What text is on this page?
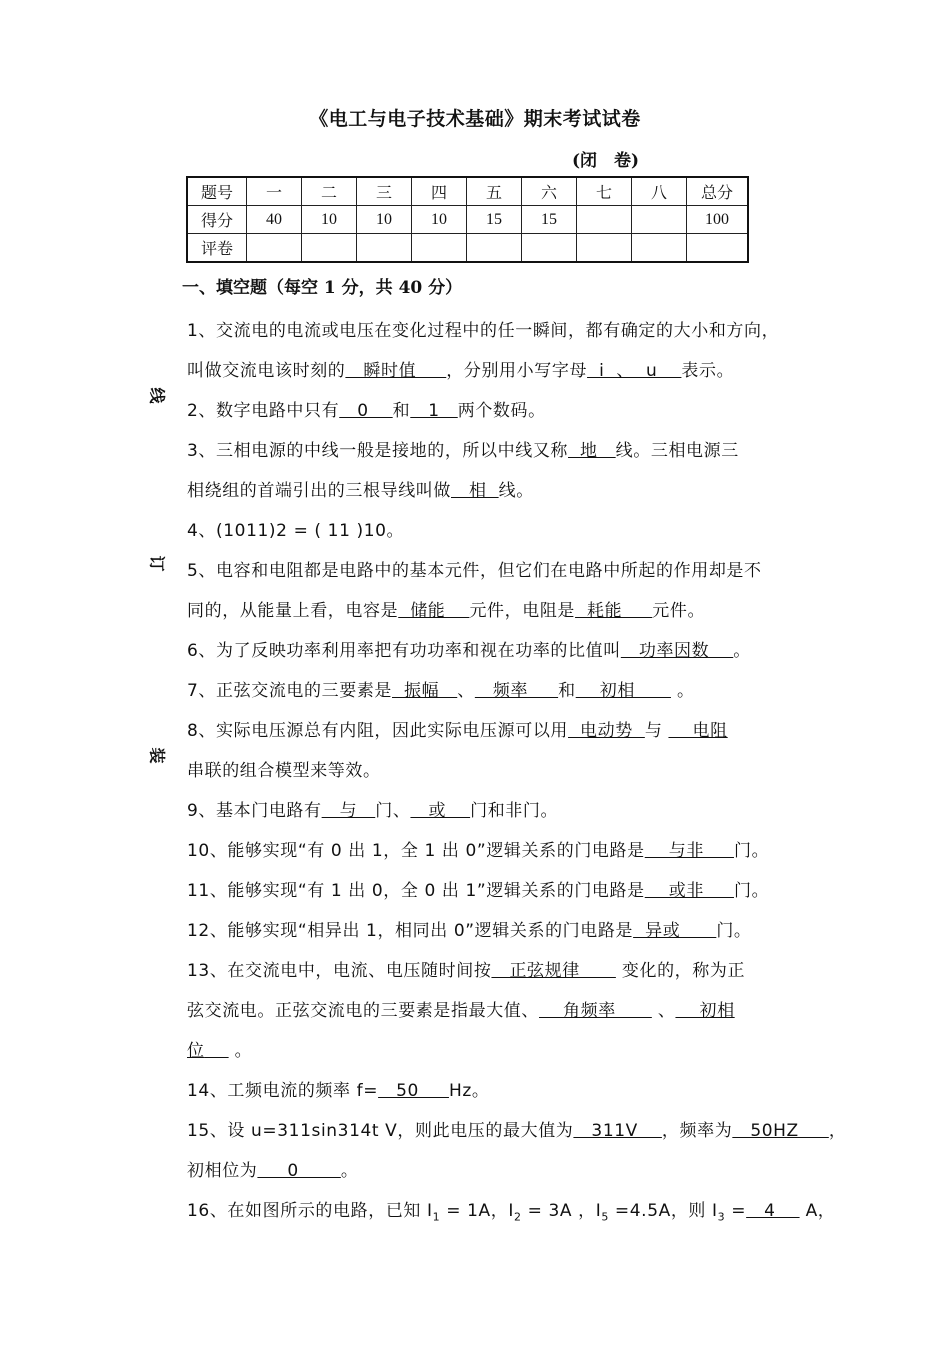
《电工与电子技术基础》期末考试试卷
(闭　卷)
题号	一	二	三	四	五	六	七	八	总分
得分	40	10	10	10	15	15			100
评卷									
一、填空题（每空 1 分，共 40 分）
线
订
装
1、交流电的电流或电压在变化过程中的任一瞬间，都有确定的大小和方向，
叫做交流电该时刻的   瞬时值     ，分别用小写字母  i  、  u    表示。
2、数字电路中只有   0    和   1   两个数码。
3、三相电源的中线一般是接地的，所以中线又称  地   线。三相电源三
相绕组的首端引出的三根导线叫做   相  线。
4、(1011)2 = ( 11 )10。
5、电容和电阻都是电路中的基本元件，但它们在电路中所起的作用却是不
同的，从能量上看，电容是  储能    元件，电阻是  耗能     元件。
6、为了反映功率利用率把有功功率和视在功率的比值叫   功率因数    。
7、正弦交流电的三要素是  振幅   、   频率     和    初相       。
8、实际电压源总有内阻，因此实际电压源可以用  电动势  与     电阻
串联的组合模型来等效。
9、基本门电路有   与   门、   或    门和非门。
10、能够实现“有 0 出 1，全 1 出 0”逻辑关系的门电路是    与非     门。
11、能够实现“有 1 出 0，全 0 出 1”逻辑关系的门电路是    或非     门。
12、能够实现“相异出 1，相同出 0”逻辑关系的门电路是  异或      门。
13、在交流电中，电流、电压随时间按   正弦规律       变化的，称为正
弦交流电。正弦交流电的三要素是指最大值、    角频率       、    初相
位     。
14、工频电流的频率 f=   50     Hz。
15、设 u=311sin314t V，则此电压的最大值为   311V    ，频率为   50HZ     ，
初相位为     0       。
16、在如图所示的电路，已知 $I_1 = 1A$，$I_2 = 3A$ ，$I_5 =4.5A$，则 $I_3 = 4$     A，
